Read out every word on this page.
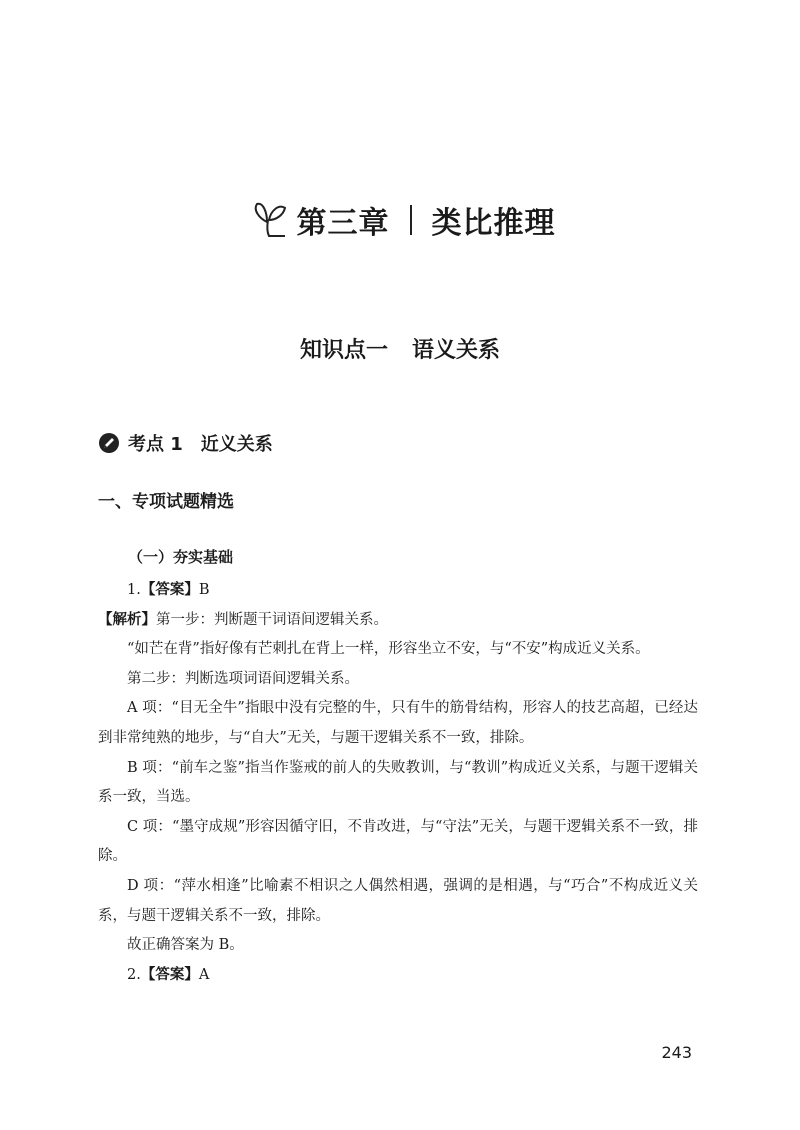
第三章 类比推理
知识点一 语义关系
考点 1 近义关系
一、专项试题精选
（一）夯实基础

1.【答案】B

【解析】第一步：判断题干词语间逻辑关系。

“如芒在背”指好像有芒刺扎在背上一样，形容坐立不安，与“不安”构成近义关系。

第二步：判断选项词语间逻辑关系。

A 项：“目无全牛”指眼中没有完整的牛，只有牛的筋骨结构，形容人的技艺高超，已经达到非常纯熟的地步，与“自大”无关，与题干逻辑关系不一致，排除。

B 项：“前车之鉴”指当作鉴戒的前人的失败教训，与“教训”构成近义关系，与题干逻辑关系一致，当选。

C 项：“墨守成规”形容因循守旧，不肯改进，与“守法”无关，与题干逻辑关系不一致，排除。

D 项：“萍水相逢”比喻素不相识之人偶然相遇，强调的是相遇，与“巧合”不构成近义关系，与题干逻辑关系不一致，排除。

故正确答案为 B。

2.【答案】A

243
